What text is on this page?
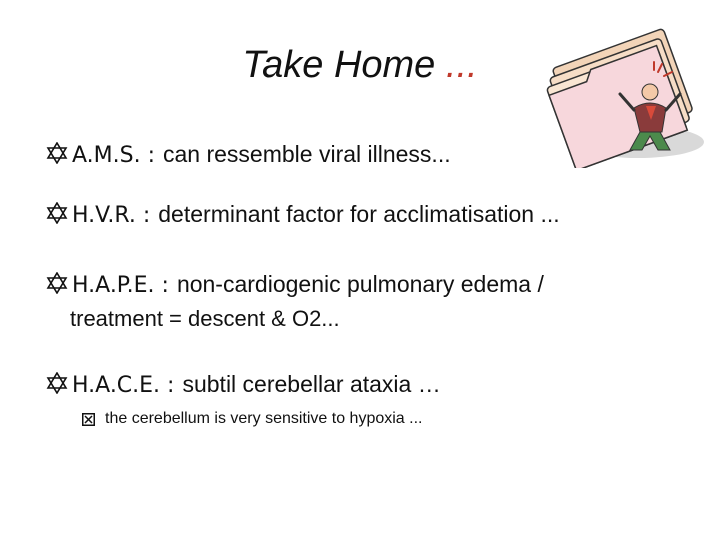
Take Home ...
A.M.S. : can ressemble viral illness...
H.V.R. : determinant factor for acclimatisation ...
H.A.P.E. : non-cardiogenic pulmonary edema /
treatment = descent & O2...
H.A.C.E. : subtil cerebellar ataxia …
the cerebellum is very sensitive to hypoxia ...
